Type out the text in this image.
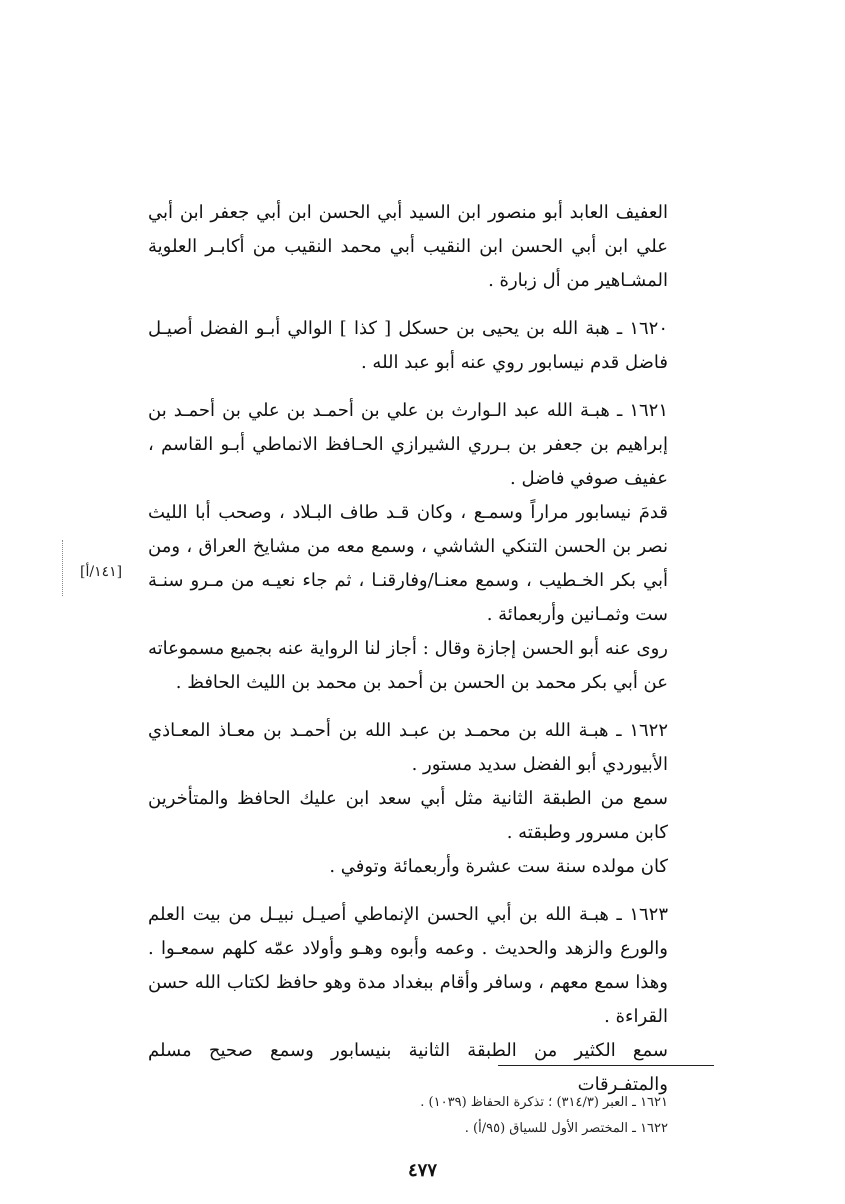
العفيف العابد أبو منصور ابن السيد أبي الحسن ابن أبي جعفر ابن أبي علي ابن أبي الحسن ابن النقيب أبي محمد النقيب من أكابـر العلوية المشـاهير من أل زبارة .

١٦٢٠ ـ هبة الله بن يحيى بن حسكل [ كذا ] الوالي أبـو الفضل أصيـل فاضل قدم نيسابور روي عنه أبو عبد الله .

١٦٢١ ـ هبـة الله عبد الـوارث بن علي بن أحمـد بن علي بن أحمـد بن إبراهيم بن جعفر بن بـرري الشيرازي الحـافظ الانماطي أبـو القاسم ، عفيف صوفي فاضل .

قدمَ نيسابور مراراً وسمـع ، وكان قـد طاف البـلاد ، وصحب أبا الليث نصر بن الحسن التنكي الشاشي ، وسمع معه من مشايخ العراق ، ومن أبي بكر الخـطيب ، وسمع معنـا/وفارقنـا ، ثم جاء نعيـه من مـرو سنـة ست وثمـانين وأربعمائة .

روى عنه أبو الحسن إجازة وقال : أجاز لنا الرواية عنه بجميع مسموعاته عن أبي بكر محمد بن الحسن بن أحمد بن محمد بن الليث الحافظ .

١٦٢٢ ـ هبـة الله بن محمـد بن عبـد الله بن أحمـد بن معـاذ المعـاذي الأبيوردي أبو الفضل سديد مستور .

سمع من الطبقة الثانية مثل أبي سعد ابن عليك الحافظ والمتأخرين كابن مسرور وطبقته .

كان مولده سنة ست عشرة وأربعمائة وتوفي .

١٦٢٣ ـ هبـة الله بن أبي الحسن الإنماطي أصيـل نبيـل من بيت العلم والورع والزهد والحديث . وعمه وأبوه وهـو وأولاد عمّه كلهم سمعـوا . وهذا سمع معهم ، وسافر وأقام ببغداد مدة وهو حافظ لكتاب الله حسن القراءة .

سمع الكثير من الطبقة الثانية بنيسابور وسمع صحيح مسلم والمتفـرقات

[١٤١/أ]
١٦٢١ ـ العبر (٣١٤/٣) ؛ تذكرة الحفاظ (١٠٣٩) .
١٦٢٢ ـ المختصر الأول للسياق (٩٥/أ) .
٤٧٧
